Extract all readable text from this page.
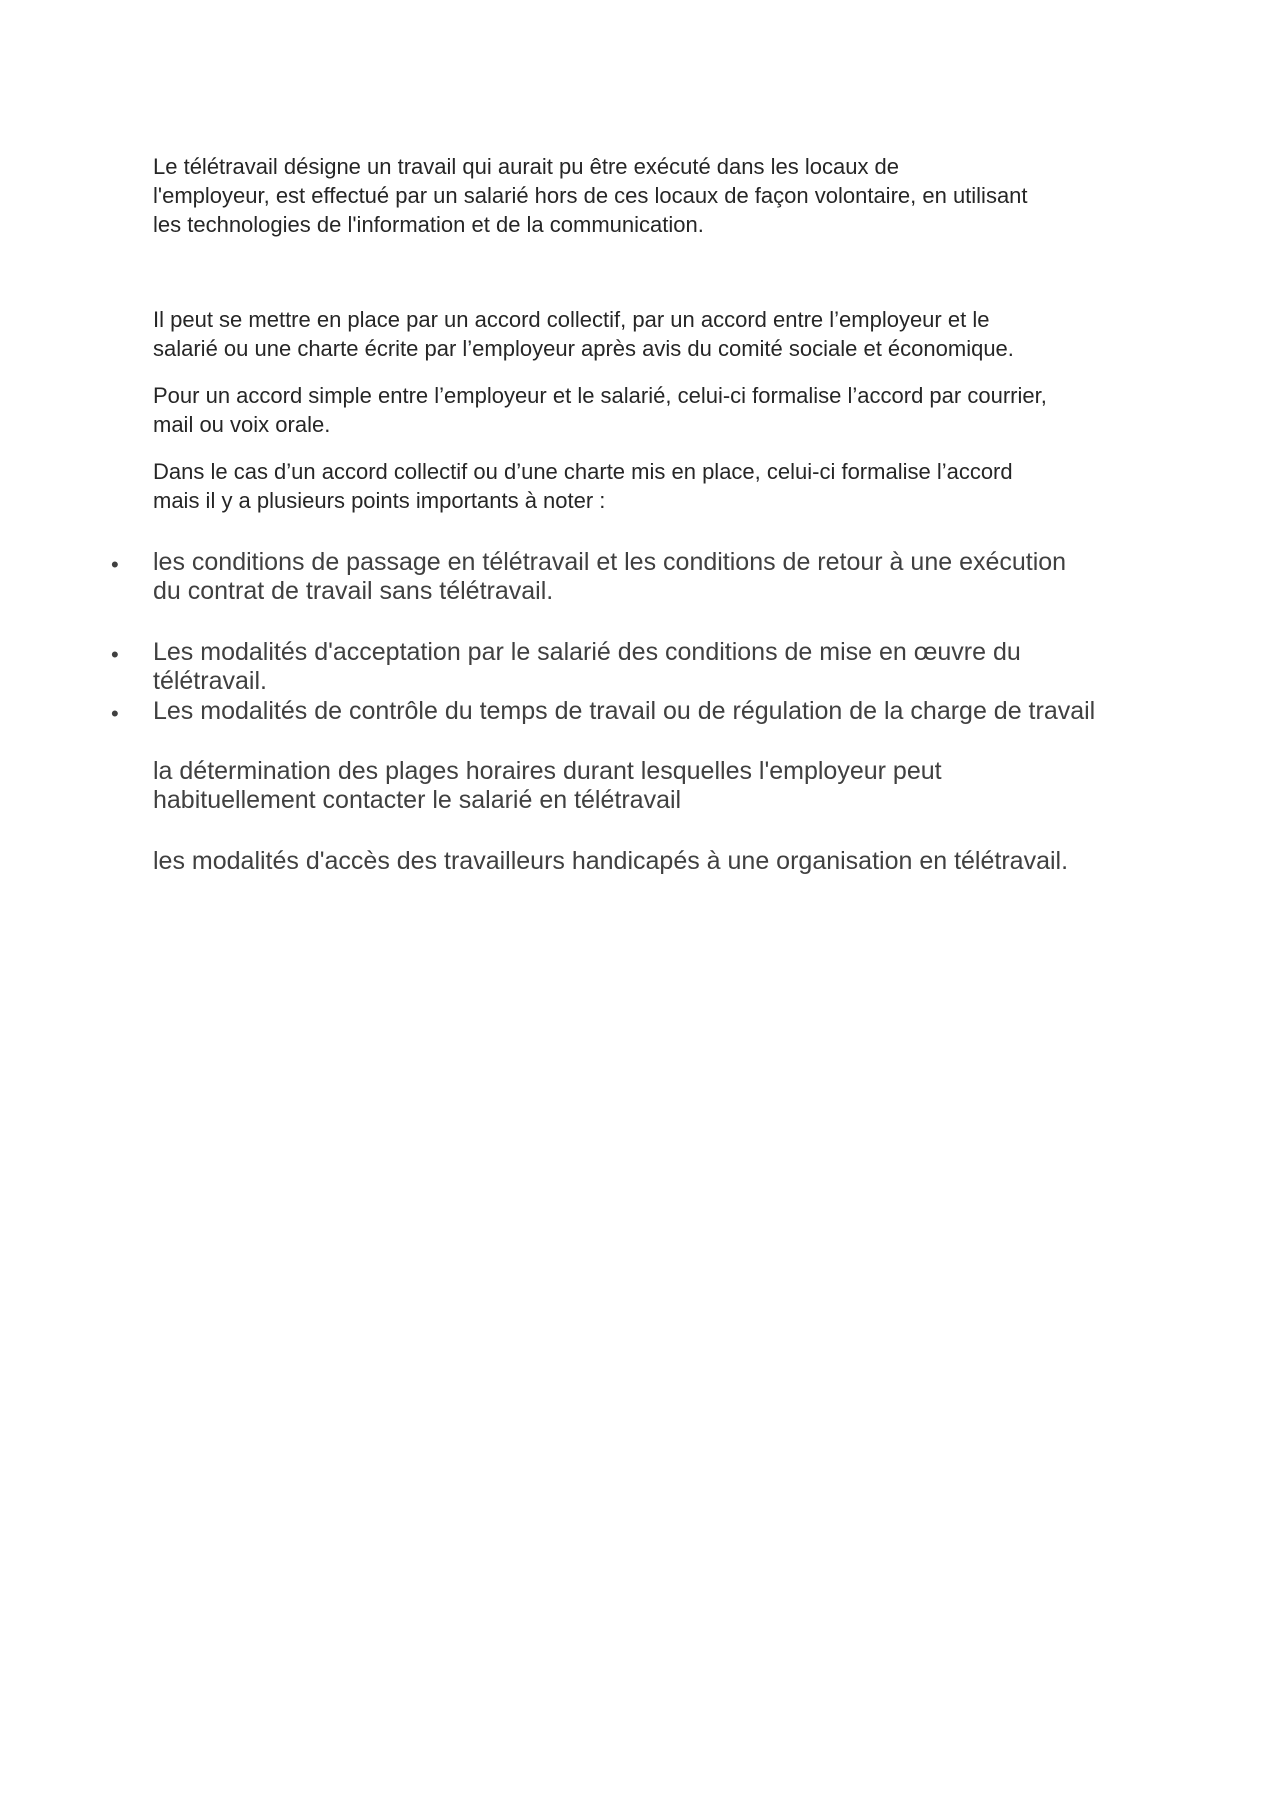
Le télétravail désigne un travail qui aurait pu être exécuté dans les locaux de
l'employeur, est effectué par un salarié hors de ces locaux de façon volontaire, en utilisant
les technologies de l'information et de la communication.

Il peut se mettre en place par un accord collectif, par un accord entre l’employeur et le
salarié ou une charte écrite par l’employeur après avis du comité sociale et économique.

Pour un accord simple entre l’employeur et le salarié, celui-ci formalise l’accord par courrier,
mail ou voix orale.

Dans le cas d’un accord collectif ou d’une charte mis en place, celui-ci formalise l’accord
mais il y a plusieurs points importants à noter :

• les conditions de passage en télétravail et les conditions de retour à une exécution
du contrat de travail sans télétravail.

• Les modalités d'acceptation par le salarié des conditions de mise en œuvre du
télétravail.

• Les modalités de contrôle du temps de travail ou de régulation de la charge de travail

la détermination des plages horaires durant lesquelles l'employeur peut
habituellement contacter le salarié en télétravail

les modalités d'accès des travailleurs handicapés à une organisation en télétravail.
